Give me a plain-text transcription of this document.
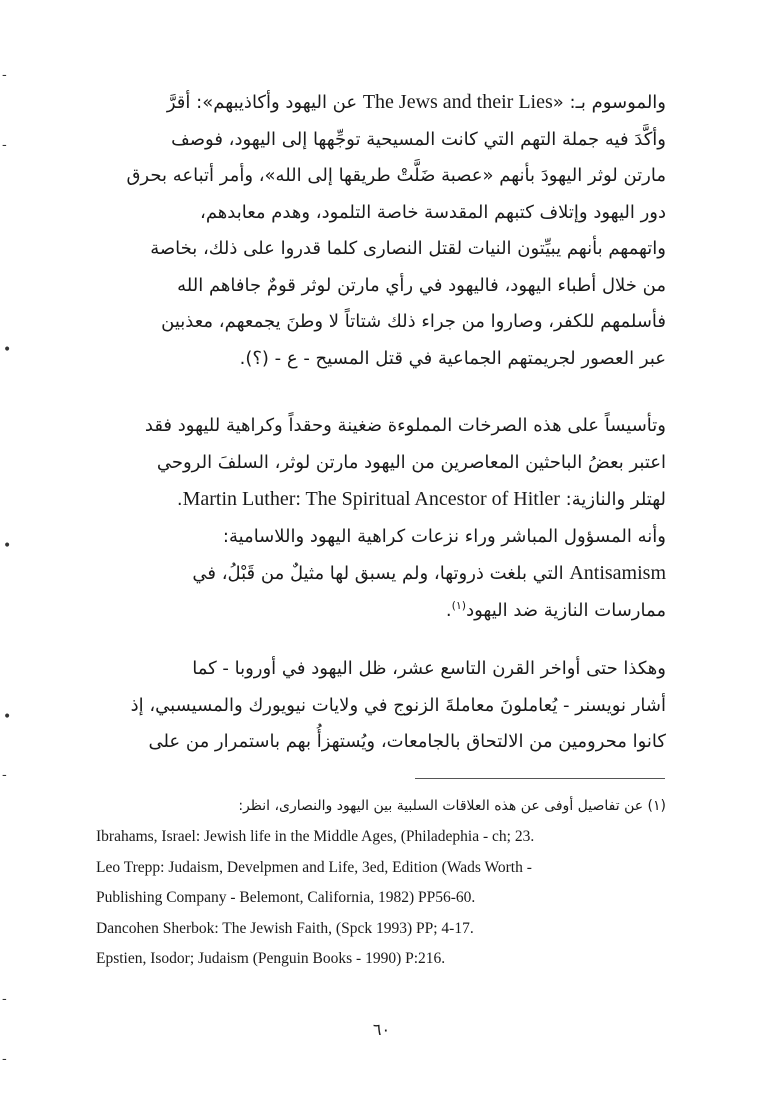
-
-
•
•
•
-
-
-

والموسوم بـ: «The Jews and their Lies عن اليهود وأكاذيبهم»: أقرَّ

وأكَّدَ فيه جملة التهم التي كانت المسيحية توجِّهها إلى اليهود، فوصف

مارتن لوثر اليهودَ بأنهم «عصبة ضَلَّتْ طريقها إلى الله»، وأمر أتباعه بحرق

دور اليهود وإتلاف كتبهم المقدسة خاصة التلمود، وهدم معابدهم،

واتهمهم بأنهم يبيِّتون النيات لقتل النصارى كلما قدروا على ذلك، بخاصة

من خلال أطباء اليهود، فاليهود في رأي مارتن لوثر قومٌ جافاهم الله

فأسلمهم للكفر، وصاروا من جراء ذلك شتاتاً لا وطنَ يجمعهم، معذبين

عبر العصور لجريمتهم الجماعية في قتل المسيح - ع - (؟).

وتأسيساً على هذه الصرخات المملوءة ضغينة وحقداً وكراهية لليهود فقد

اعتبر بعضُ الباحثين المعاصرين من اليهود مارتن لوثر، السلفَ الروحي

لهتلر والنازية: Martin Luther: The Spiritual Ancestor of Hitler.

وأنه المسؤول المباشر وراء نزعات كراهية اليهود واللاسامية:

Antisamism التي بلغت ذروتها، ولم يسبق لها مثيلٌ من قَبْلُ، في

ممارسات النازية ضد اليهود$^{(١)}$.

وهكذا حتى أواخر القرن التاسع عشر، ظل اليهود في أوروبا - كما

أشار نويسنر - يُعاملونَ معاملةَ الزنوج في ولايات نيويورك والمسيسبي، إذ

كانوا محرومين من الالتحاق بالجامعات، ويُستهزأُ بهم باستمرار من على

(١) عن تفاصيل أوفى عن هذه العلاقات السلبية بين اليهود والنصارى، انظر:

Ibrahams, Israel: Jewish life in the Middle Ages, (Philadephia - ch; 23.

Leo Trepp: Judaism, Develpmen and Life, 3ed, Edition (Wads Worth -

Publishing Company - Belemont, California, 1982) PP56-60.

Dancohen Sherbok: The Jewish Faith, (Spck 1993) PP; 4-17.

Epstien, Isodor; Judaism (Penguin Books - 1990) P:216.

٦٠
